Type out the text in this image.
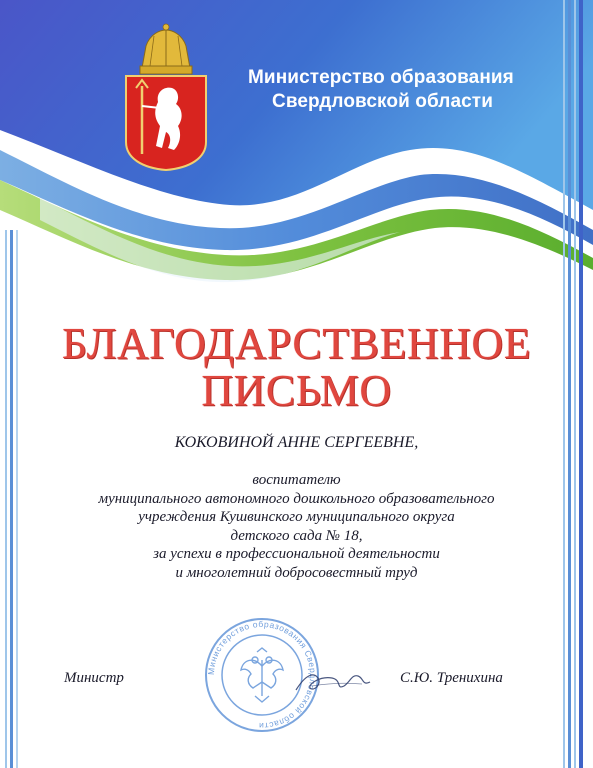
Министерство образования
Свердловской области
БЛАГОДАРСТВЕННОЕ
ПИСЬМО
КОКОВИНОЙ АННЕ СЕРГЕЕВНЕ,
воспитателю
муниципального автономного дошкольного образовательного
учреждения Кушвинского муниципального округа
детского сада № 18,
за успехи в профессиональной деятельности
и многолетний добросовестный труд
Министерство образования Свердловской области
Министр	С.Ю. Тренихина
